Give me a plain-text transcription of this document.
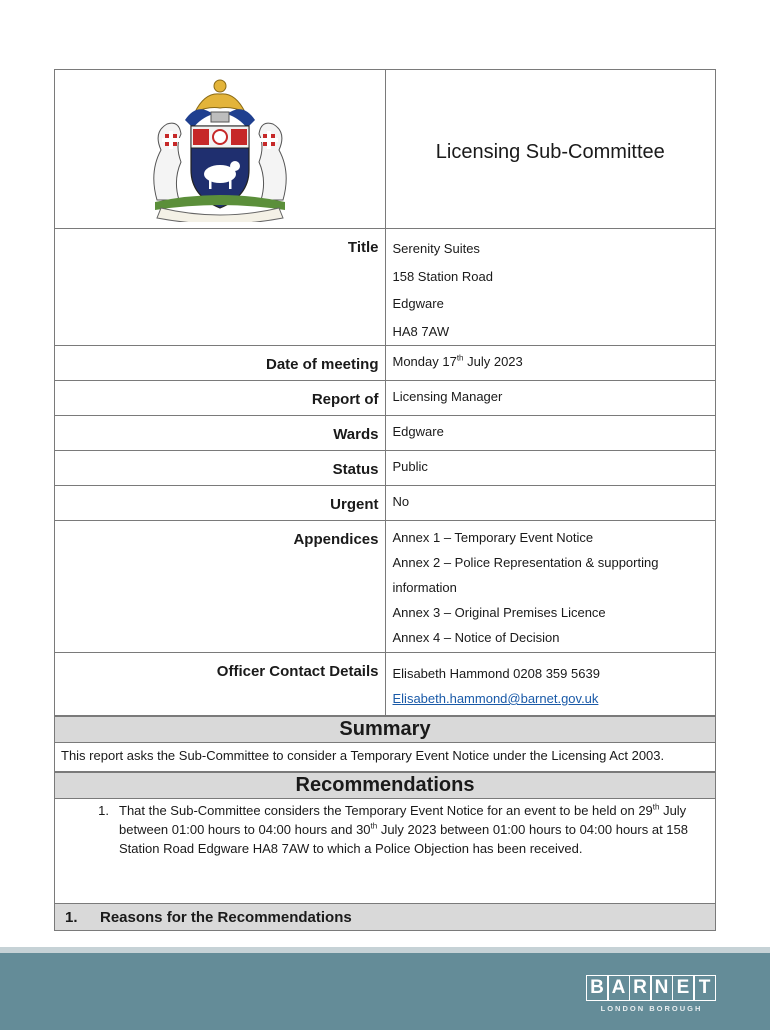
	Licensing Sub-Committee
Title	Serenity Suites
158 Station Road
Edgware
HA8 7AW

Date of meeting	Monday 17th July 2023
Report of	Licensing Manager
Wards	Edgware
Status	Public
Urgent	No
Appendices	Annex 1 – Temporary Event Notice
Annex 2 – Police Representation & supporting information
Annex 3 – Original Premises Licence
Annex 4 – Notice of Decision

Officer Contact Details	Elisabeth Hammond 0208 359 5639
Elisabeth.hammond@barnet.gov.uk
Summary
This report asks the Sub-Committee to consider a Temporary Event Notice under the Licensing Act 2003.
Recommendations

1. That the Sub-Committee considers the Temporary Event Notice for an event to be held on 29th July between 01:00 hours to 04:00 hours and 30th July 2023 between 01:00 hours to 04:00 hours at 158 Station Road Edgware HA8 7AW to which a Police Objection has been received.

1. Reasons for the Recommendations
B A R N E T
LONDON BOROUGH
